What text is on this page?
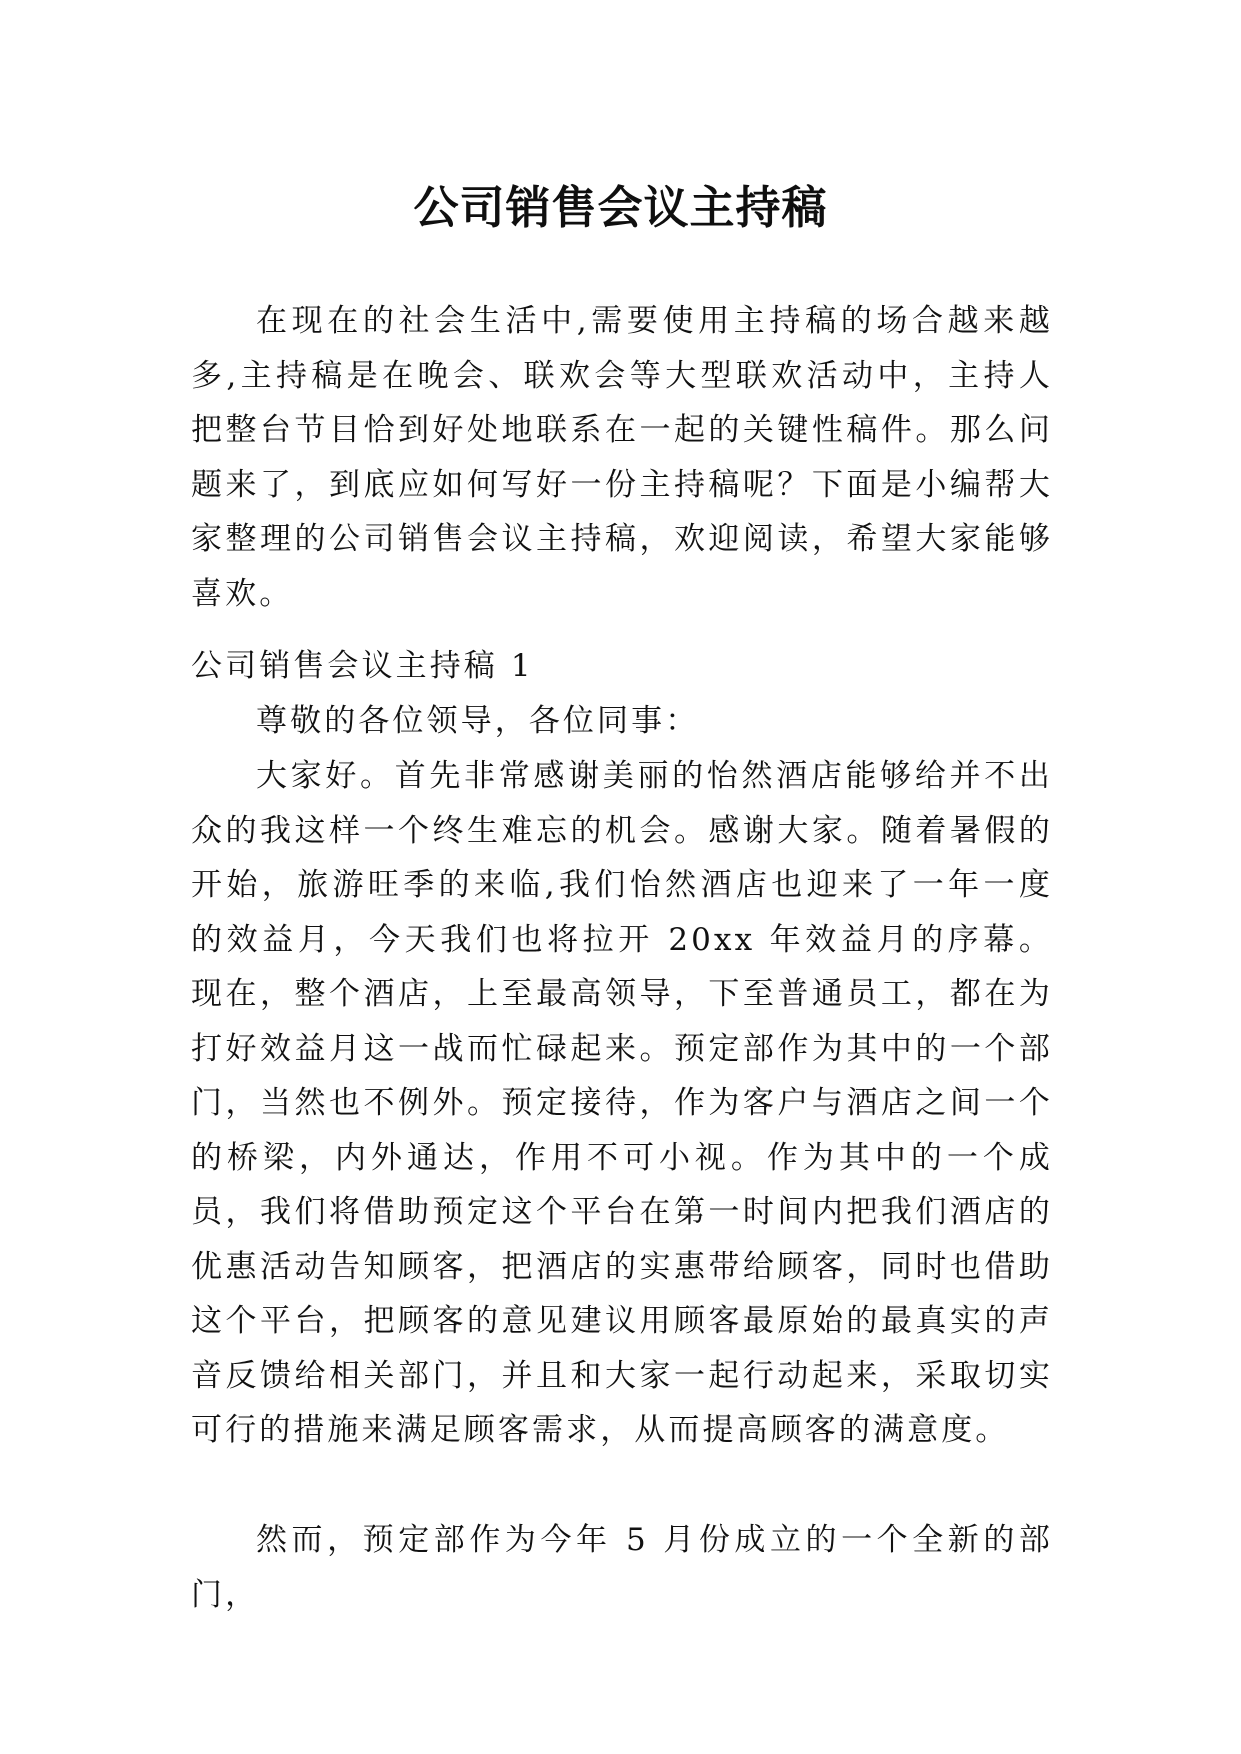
公司销售会议主持稿

在现在的社会生活中,需要使用主持稿的场合越来越多,主持稿是在晚会、联欢会等大型联欢活动中，主持人把整台节目恰到好处地联系在一起的关键性稿件。那么问题来了，到底应如何写好一份主持稿呢？下面是小编帮大家整理的公司销售会议主持稿，欢迎阅读，希望大家能够喜欢。

公司销售会议主持稿 1

尊敬的各位领导，各位同事：

大家好。首先非常感谢美丽的怡然酒店能够给并不出众的我这样一个终生难忘的机会。感谢大家。随着暑假的开始，旅游旺季的来临,我们怡然酒店也迎来了一年一度的效益月，今天我们也将拉开 20xx 年效益月的序幕。现在，整个酒店，上至最高领导，下至普通员工，都在为打好效益月这一战而忙碌起来。预定部作为其中的一个部门，当然也不例外。预定接待，作为客户与酒店之间一个的桥梁，内外通达，作用不可小视。作为其中的一个成员，我们将借助预定这个平台在第一时间内把我们酒店的优惠活动告知顾客，把酒店的实惠带给顾客，同时也借助这个平台，把顾客的意见建议用顾客最原始的最真实的声音反馈给相关部门，并且和大家一起行动起来，采取切实可行的措施来满足顾客需求，从而提高顾客的满意度。

然而，预定部作为今年 5 月份成立的一个全新的部门，
